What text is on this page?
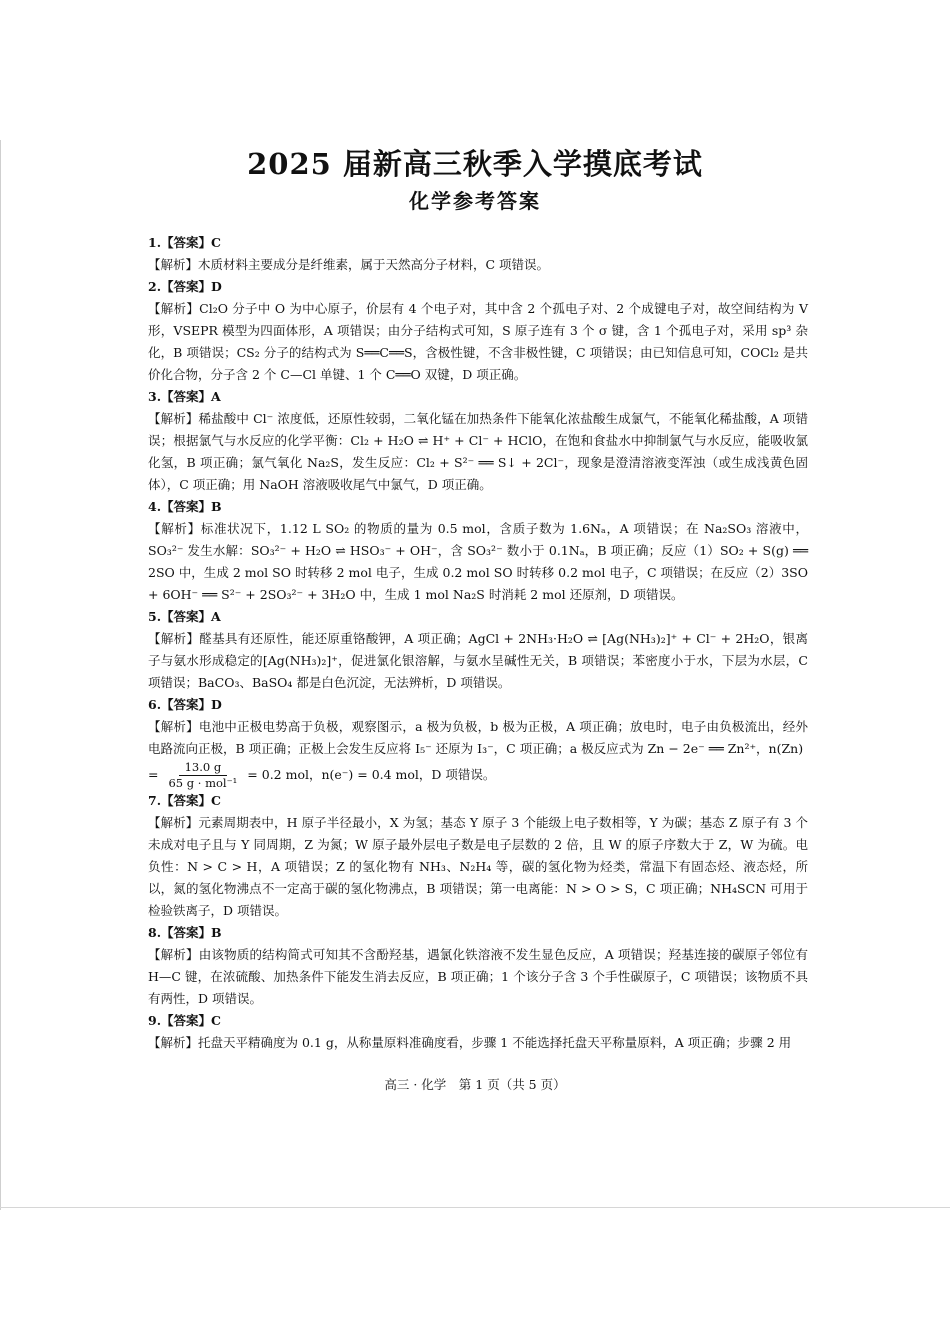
2025 届新高三秋季入学摸底考试
化学参考答案
1.【答案】C
【解析】木质材料主要成分是纤维素，属于天然高分子材料，C 项错误。
2.【答案】D
【解析】Cl₂O 分子中 O 为中心原子，价层有 4 个电子对，其中含 2 个孤电子对、2 个成键电子对，故空间结构为 V 形，VSEPR 模型为四面体形，A 项错误；由分子结构式可知，S 原子连有 3 个 σ 键，含 1 个孤电子对，采用 sp³ 杂化，B 项错误；CS₂ 分子的结构式为 S══C══S，含极性键，不含非极性键，C 项错误；由已知信息可知，COCl₂ 是共价化合物，分子含 2 个 C—Cl 单键、1 个 C══O 双键，D 项正确。
3.【答案】A
【解析】稀盐酸中 Cl⁻ 浓度低，还原性较弱，二氧化锰在加热条件下能氧化浓盐酸生成氯气，不能氧化稀盐酸，A 项错误；根据氯气与水反应的化学平衡：Cl₂ + H₂O ⇌ H⁺ + Cl⁻ + HClO，在饱和食盐水中抑制氯气与水反应，能吸收氯化氢，B 项正确；氯气氧化 Na₂S，发生反应：Cl₂ + S²⁻ ══ S↓ + 2Cl⁻，现象是澄清溶液变浑浊（或生成浅黄色固体），C 项正确；用 NaOH 溶液吸收尾气中氯气，D 项正确。
4.【答案】B
【解析】标准状况下，1.12 L SO₂ 的物质的量为 0.5 mol，含质子数为 1.6Nₐ，A 项错误；在 Na₂SO₃ 溶液中，SO₃²⁻ 发生水解：SO₃²⁻ + H₂O ⇌ HSO₃⁻ + OH⁻，含 SO₃²⁻ 数小于 0.1Nₐ，B 项正确；反应（1）SO₂ + S(g) ══ 2SO 中，生成 2 mol SO 时转移 2 mol 电子，生成 0.2 mol SO 时转移 0.2 mol 电子，C 项错误；在反应（2）3SO + 6OH⁻ ══ S²⁻ + 2SO₃²⁻ + 3H₂O 中，生成 1 mol Na₂S 时消耗 2 mol 还原剂，D 项错误。
5.【答案】A
【解析】醛基具有还原性，能还原重铬酸钾，A 项正确；AgCl + 2NH₃·H₂O ⇌ [Ag(NH₃)₂]⁺ + Cl⁻ + 2H₂O，银离子与氨水形成稳定的[Ag(NH₃)₂]⁺，促进氯化银溶解，与氨水呈碱性无关，B 项错误；苯密度小于水，下层为水层，C 项错误；BaCO₃、BaSO₄ 都是白色沉淀，无法辨析，D 项错误。
6.【答案】D
【解析】电池中正极电势高于负极，观察图示，a 极为负极，b 极为正极，A 项正确；放电时，电子由负极流出，经外电路流向正极，B 项正确；正极上会发生反应将 I₅⁻ 还原为 I₃⁻，C 项正确；a 极反应式为 Zn − 2e⁻ ══ Zn²⁺，n(Zn)
= $\frac{13.0 g}{\text{65 g · mol⁻¹}} = 0.2$ mol，n(e⁻) = 0.4 mol，D 项错误。
7.【答案】C
【解析】元素周期表中，H 原子半径最小，X 为氢；基态 Y 原子 3 个能级上电子数相等，Y 为碳；基态 Z 原子有 3 个未成对电子且与 Y 同周期，Z 为氮；W 原子最外层电子数是电子层数的 2 倍，且 W 的原子序数大于 Z，W 为硫。电负性：N > C > H，A 项错误；Z 的氢化物有 NH₃、N₂H₄ 等，碳的氢化物为烃类，常温下有固态烃、液态烃，所以，氮的氢化物沸点不一定高于碳的氢化物沸点，B 项错误；第一电离能：N > O > S，C 项正确；NH₄SCN 可用于检验铁离子，D 项错误。
8.【答案】B
【解析】由该物质的结构简式可知其不含酚羟基，遇氯化铁溶液不发生显色反应，A 项错误；羟基连接的碳原子邻位有 H—C 键，在浓硫酸、加热条件下能发生消去反应，B 项正确；1 个该分子含 3 个手性碳原子，C 项错误；该物质不具有两性，D 项错误。
9.【答案】C
【解析】托盘天平精确度为 0.1 g，从称量原料准确度看，步骤 1 不能选择托盘天平称量原料，A 项正确；步骤 2 用
高三 · 化学　第 1 页（共 5 页）
